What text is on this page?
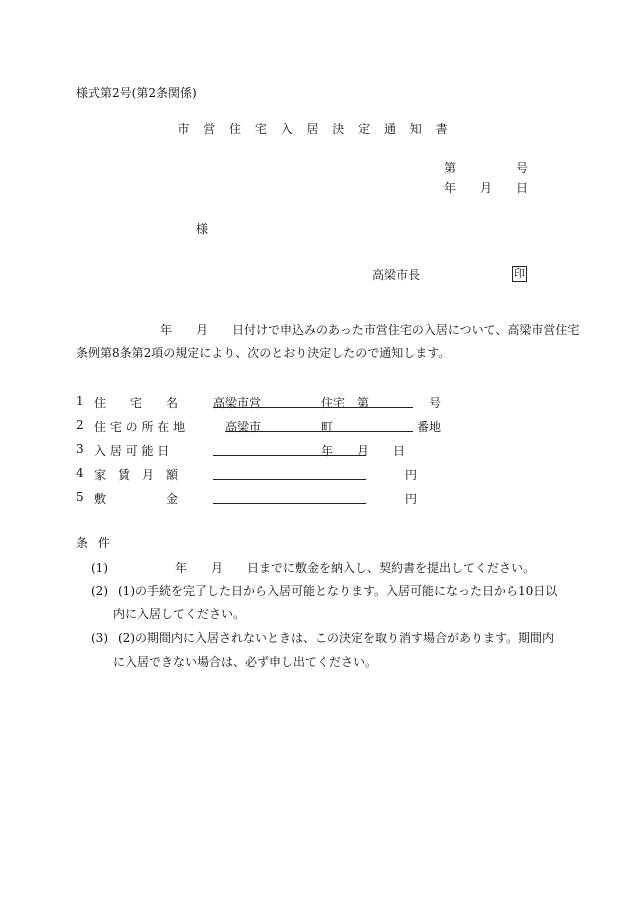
様式第2号(第2条関係)
市 営 住 宅 入 居 決 定 通 知 書
第　　　　　号
年　　月　　日
様
高梁市長	印
　　　　　　　年　　月　　日付けで申込みのあった市営住宅の入居について、高梁市営住宅
条例第8条第2項の規定により、次のとおり決定したので通知します。
1 住　　宅　　名	高梁市営　　　　　住宅　第　　　　　号
2 住 宅 の 所 在 地 　高梁市　　　　　町　　　　　　　番地
3 入 居 可 能 日	　　　　　　　　　年　　月　　日
4 家　賃　月　額	　　　　　　　　　　　　　　　　円
5 敷　　　　　金	　　　　　　　　　　　　　　　　円
条件
(1) 　　　　年　　月　　日までに敷金を納入し、契約書を提出してください。
(2) (1)の手続を完了した日から入居可能となります。入居可能になった日から10日以
内に入居してください。
(3) (2)の期間内に入居されないときは、この決定を取り消す場合があります。期間内
に入居できない場合は、必ず申し出てください。
